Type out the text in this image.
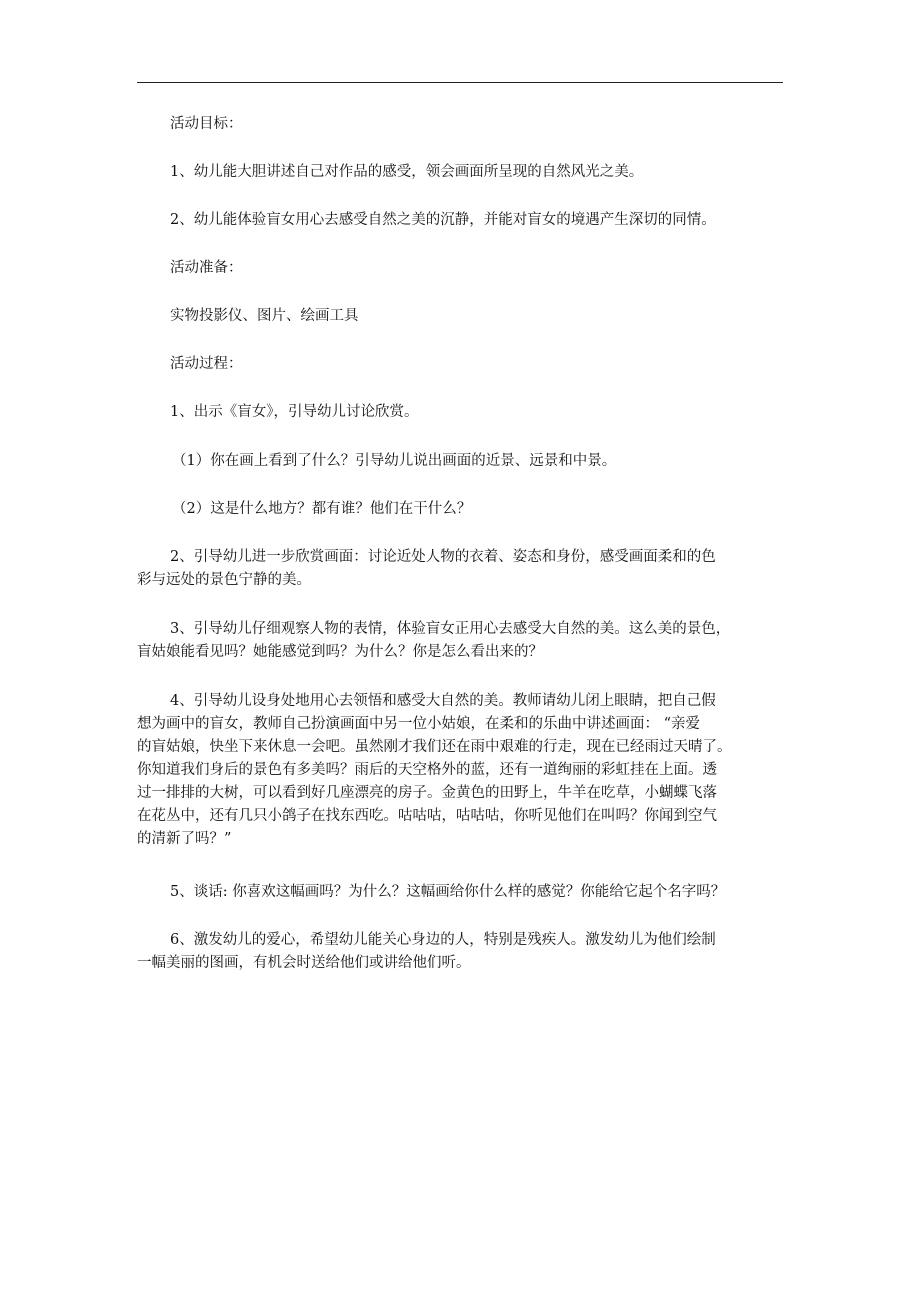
活动目标：

1、幼儿能大胆讲述自己对作品的感受，领会画面所呈现的自然风光之美。

2、幼儿能体验盲女用心去感受自然之美的沉静，并能对盲女的境遇产生深切的同情。

活动准备：

实物投影仪、图片、绘画工具

活动过程：

1、出示《盲女》，引导幼儿讨论欣赏。

（1）你在画上看到了什么？引导幼儿说出画面的近景、远景和中景。

（2）这是什么地方？都有谁？他们在干什么？

2、引导幼儿进一步欣赏画面：讨论近处人物的衣着、姿态和身份，感受画面柔和的色
彩与远处的景色宁静的美。
3、引导幼儿仔细观察人物的表情，体验盲女正用心去感受大自然的美。这么美的景色，
盲姑娘能看见吗？她能感觉到吗？为什么？你是怎么看出来的？
4、引导幼儿设身处地用心去领悟和感受大自然的美。教师请幼儿闭上眼睛，把自己假
想为画中的盲女，教师自己扮演画面中另一位小姑娘，在柔和的乐曲中讲述画面： “亲爱
的盲姑娘，快坐下来休息一会吧。虽然刚才我们还在雨中艰难的行走，现在已经雨过天晴了。
你知道我们身后的景色有多美吗？雨后的天空格外的蓝，还有一道绚丽的彩虹挂在上面。透
过一排排的大树，可以看到好几座漂亮的房子。金黄色的田野上，牛羊在吃草，小蝴蝶飞落
在花丛中，还有几只小鸽子在找东西吃。咕咕咕，咕咕咕，你听见他们在叫吗？你闻到空气
的清新了吗？”

5、谈话: 你喜欢这幅画吗？为什么？这幅画给你什么样的感觉？你能给它起个名字吗？

6、激发幼儿的爱心，希望幼儿能关心身边的人，特别是残疾人。激发幼儿为他们绘制
一幅美丽的图画，有机会时送给他们或讲给他们听。
